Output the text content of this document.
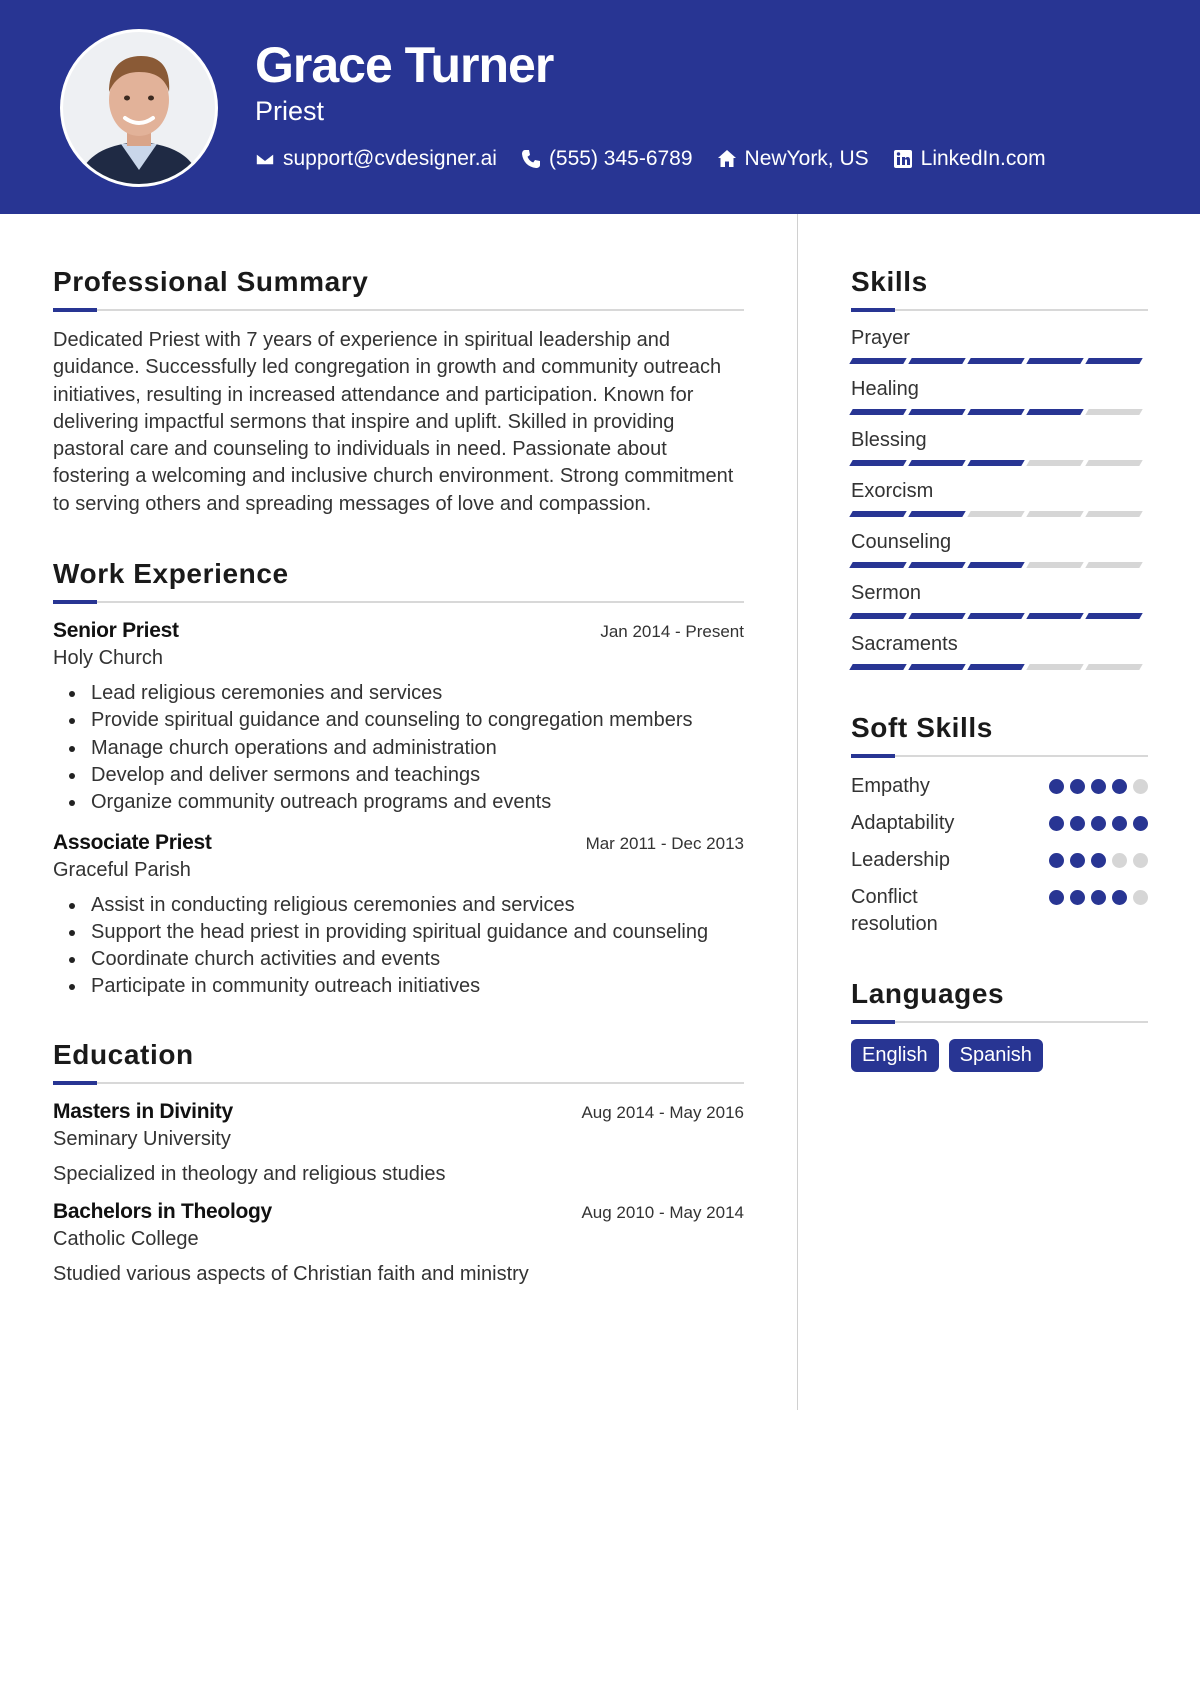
Grace Turner
Priest
support@cvdesigner.ai (555) 345-6789 NewYork, US LinkedIn.com
Professional Summary

Dedicated Priest with 7 years of experience in spiritual leadership and guidance. Successfully led congregation in growth and community outreach initiatives, resulting in increased attendance and participation. Known for delivering impactful sermons that inspire and uplift. Skilled in providing pastoral care and counseling to individuals in need. Passionate about fostering a welcoming and inclusive church environment. Strong commitment to serving others and spreading messages of love and compassion.

Work Experience
Senior Priest	Jan 2014 - Present
Holy Church
Lead religious ceremonies and services
Provide spiritual guidance and counseling to congregation members
Manage church operations and administration
Develop and deliver sermons and teachings
Organize community outreach programs and events
Associate Priest	Mar 2011 - Dec 2013
Graceful Parish
Assist in conducting religious ceremonies and services
Support the head priest in providing spiritual guidance and counseling
Coordinate church activities and events
Participate in community outreach initiatives
Education
Masters in Divinity	Aug 2014 - May 2016
Seminary University
Specialized in theology and religious studies
Bachelors in Theology	Aug 2010 - May 2014
Catholic College
Studied various aspects of Christian faith and ministry
Skills
Prayer
Healing
Blessing
Exorcism
Counseling
Sermon
Sacraments
Soft Skills
Empathy
Adaptability
Leadership
Conflict resolution
Languages
English	Spanish
